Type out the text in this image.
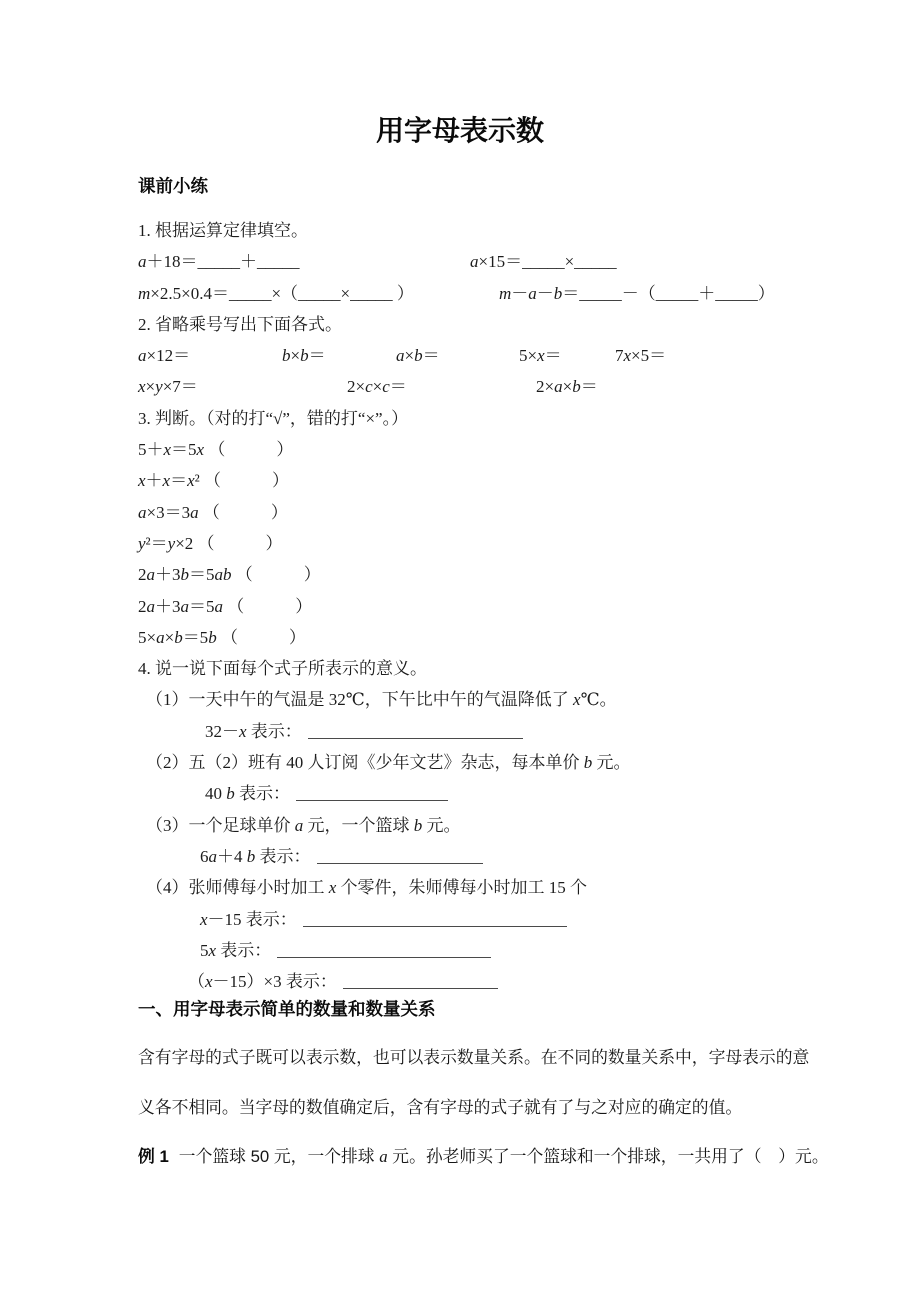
用字母表示数
课前小练
1. 根据运算定律填空。
a＋18＝_____＋_____	a×15＝_____×_____
m×2.5×0.4＝_____×（_____×_____ ）	m－a－b＝_____－（_____＋_____）
2. 省略乘号写出下面各式。
a×12＝	b×b＝	a×b＝	5×x＝	7x×5＝
x×y×7＝	2×c×c＝	2×a×b＝
3. 判断。（对的打“√”，错的打“×”。）
5＋x＝5x （　　　）
x＋x＝x² （　　　）
a×3＝3a （　　　）
y²＝y×2 （　　　）
2a＋3b＝5ab （　　　）
2a＋3a＝5a （　　　）
5×a×b＝5b （　　　）
4. 说一说下面每个式子所表示的意义。
（1）一天中午的气温是 32℃，下午比中午的气温降低了 x℃。
32－x 表示：
（2）五（2）班有 40 人订阅《少年文艺》杂志，每本单价 b 元。
40 b 表示：
（3）一个足球单价 a 元，一个篮球 b 元。
6a＋4 b 表示：
（4）张师傅每小时加工 x 个零件，朱师傅每小时加工 15 个
x－15 表示：
5x 表示：
（x－15）×3 表示：
一、用字母表示简单的数量和数量关系
含有字母的式子既可以表示数，也可以表示数量关系。在不同的数量关系中，字母表示的意
义各不相同。当字母的数值确定后，含有字母的式子就有了与之对应的确定的值。
例 1 一个篮球 50 元，一个排球 a 元。孙老师买了一个篮球和一个排球，一共用了（　）元。
